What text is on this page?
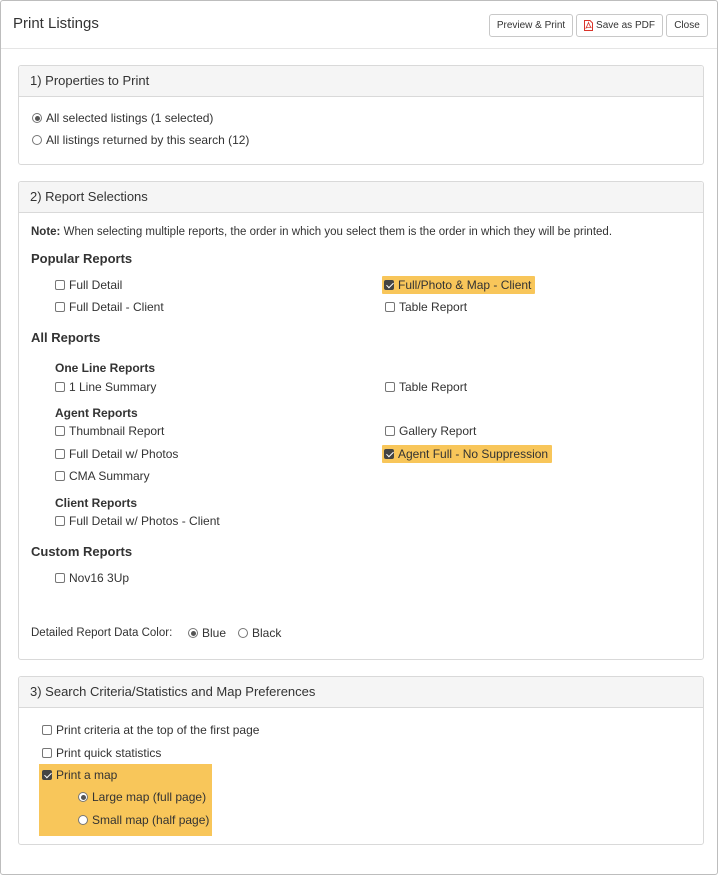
Print Listings	Preview & Print	Save as PDF Close
1) Properties to Print
All selected listings (1 selected)
All listings returned by this search (12)
2) Report Selections
Note: When selecting multiple reports, the order in which you select them is the order in which they will be printed.
Popular Reports
Full Detail	Full/Photo & Map - Client
Full Detail - Client	Table Report
All Reports
One Line Reports
1 Line Summary	Table Report
Agent Reports
Thumbnail Report	Gallery Report
Full Detail w/ Photos	Agent Full - No Suppression
CMA Summary
Client Reports
Full Detail w/ Photos - Client
Custom Reports
Nov16 3Up
Detailed Report Data Color: Blue Black
3) Search Criteria/Statistics and Map Preferences
Print criteria at the top of the first page
Print quick statistics
Print a map
Large map (full page)
Small map (half page)
